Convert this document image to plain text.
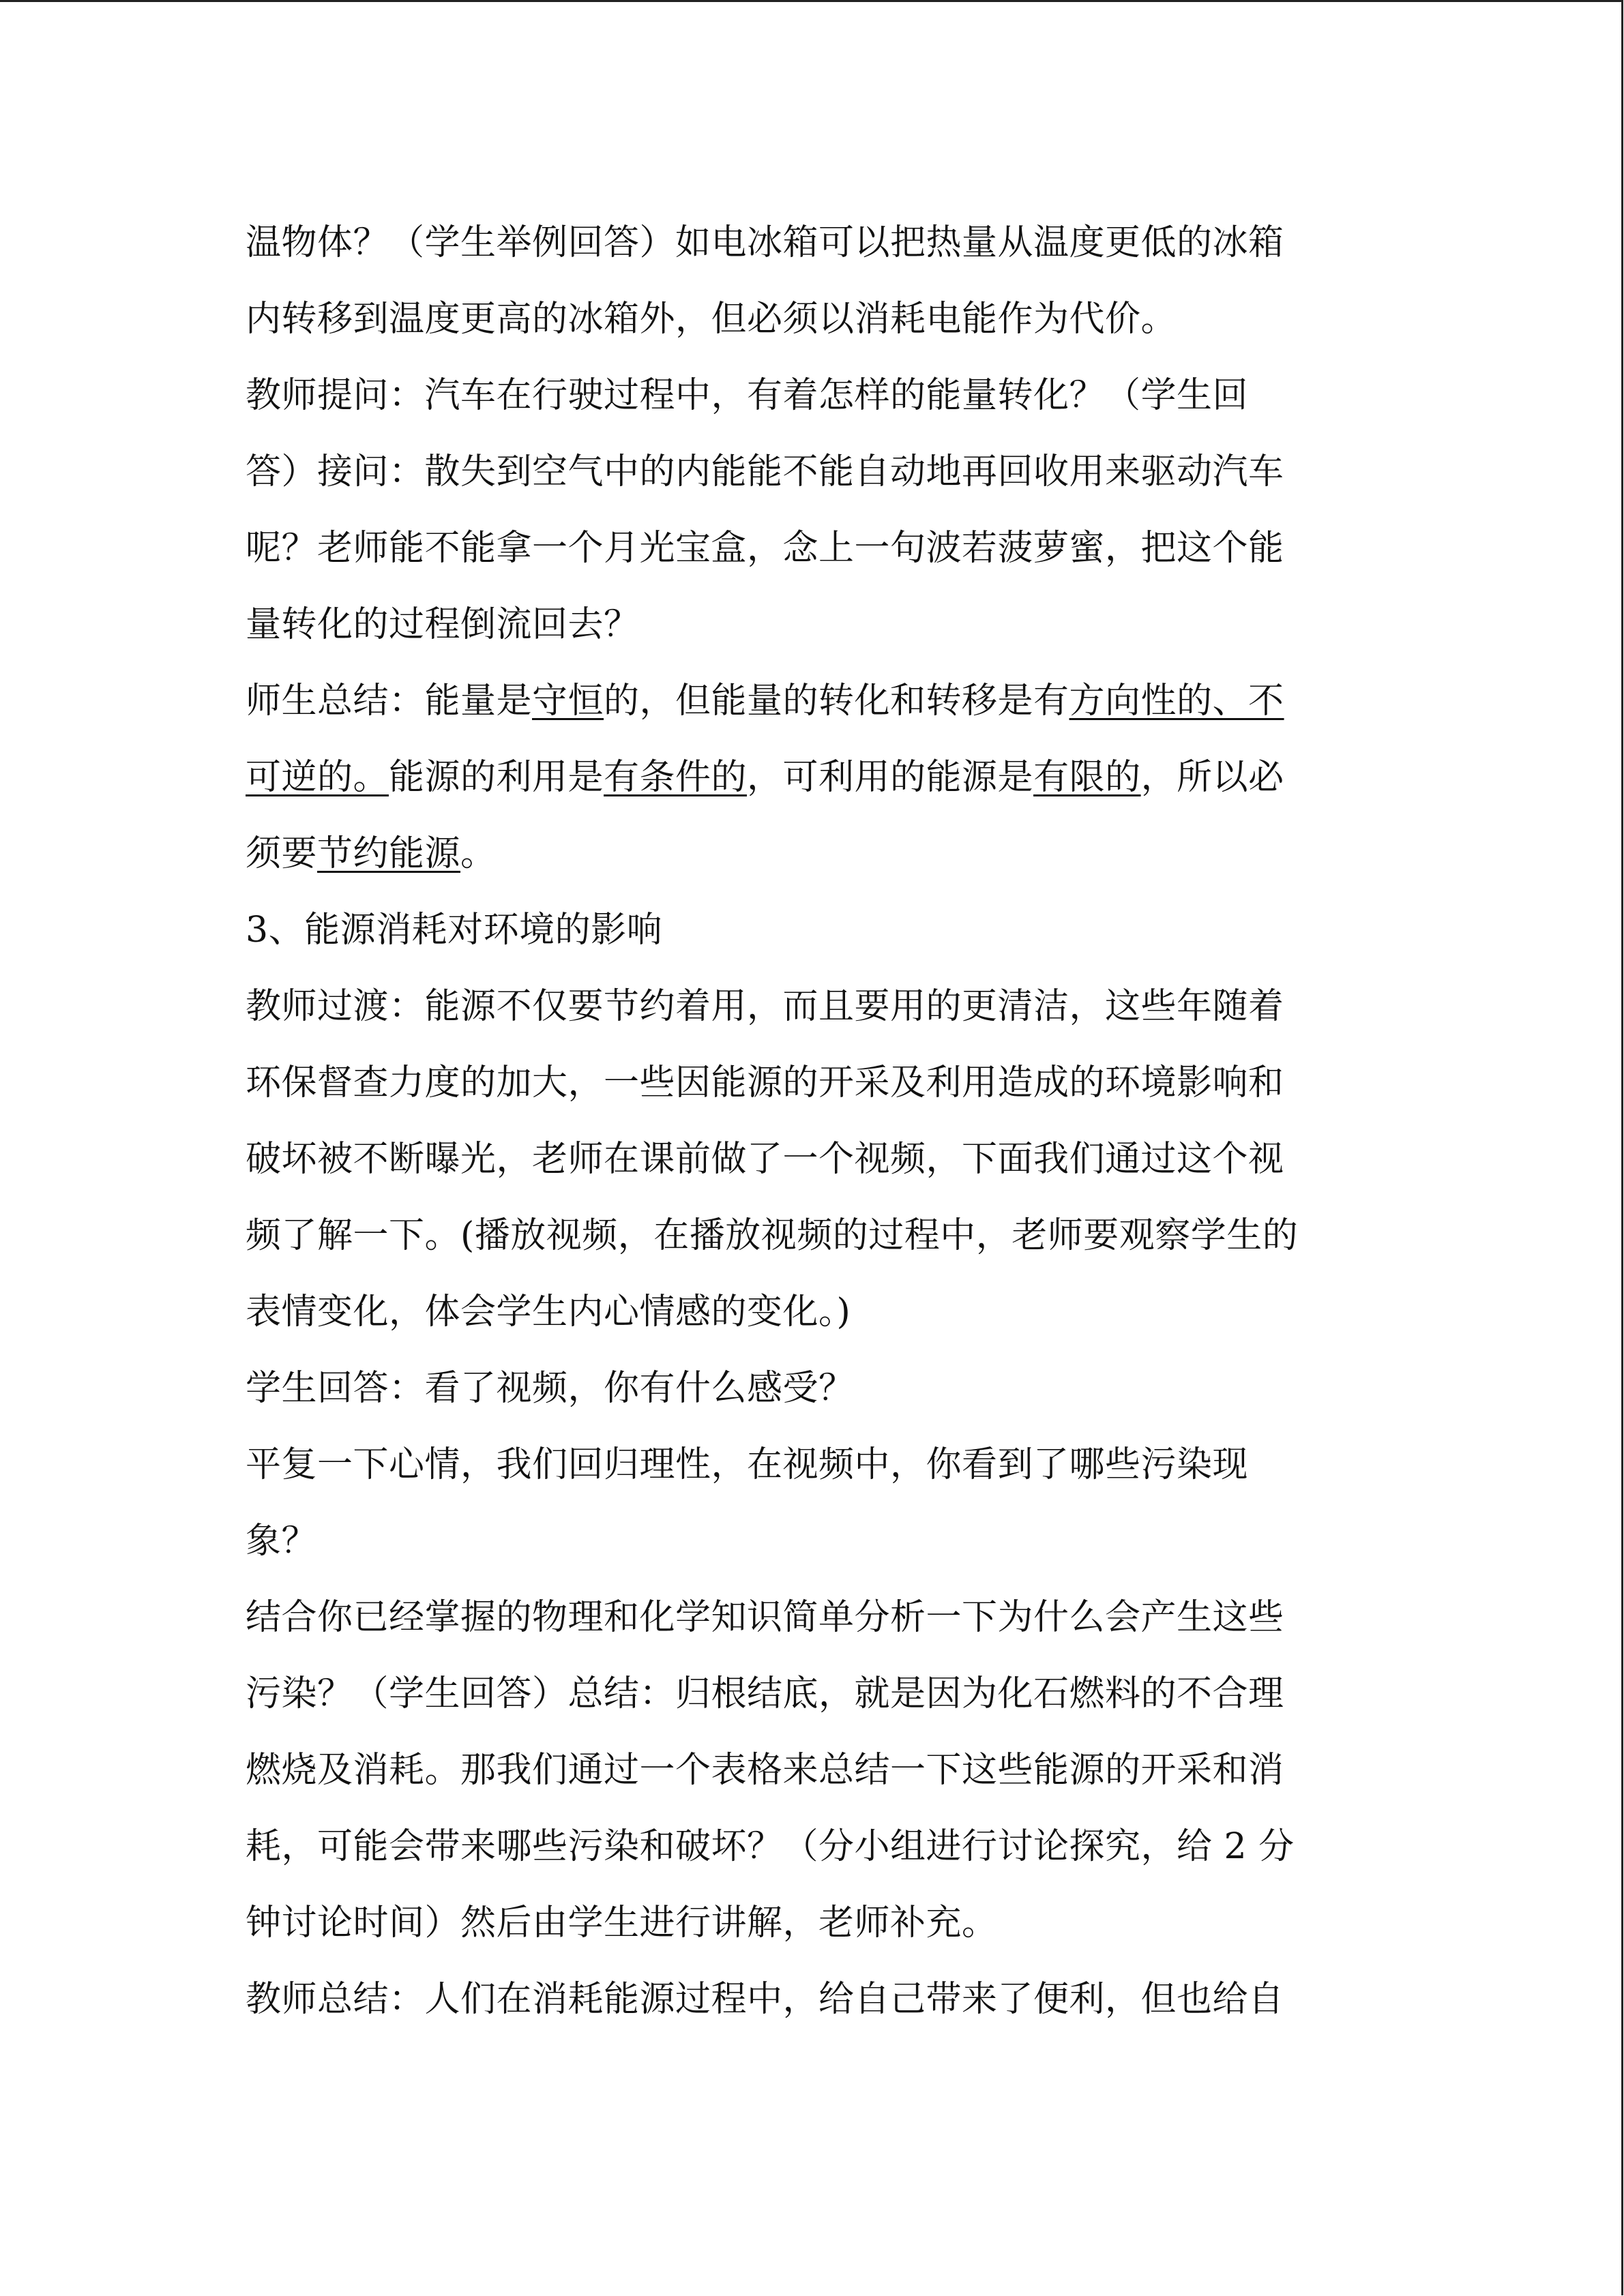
温物体？（学生举例回答）如电冰箱可以把热量从温度更低的冰箱
内转移到温度更高的冰箱外，但必须以消耗电能作为代价。
教师提问：汽车在行驶过程中，有着怎样的能量转化？（学生回
答）接问：散失到空气中的内能能不能自动地再回收用来驱动汽车
呢？老师能不能拿一个月光宝盒，念上一句波若菠萝蜜，把这个能
量转化的过程倒流回去？
师生总结：能量是守恒的，但能量的转化和转移是有方向性的、不
可逆的。能源的利用是有条件的，可利用的能源是有限的，所以必
须要节约能源。
3、能源消耗对环境的影响
教师过渡：能源不仅要节约着用，而且要用的更清洁，这些年随着
环保督查力度的加大，一些因能源的开采及利用造成的环境影响和
破坏被不断曝光，老师在课前做了一个视频，下面我们通过这个视
频了解一下。(播放视频，在播放视频的过程中，老师要观察学生的
表情变化，体会学生内心情感的变化。)
学生回答：看了视频，你有什么感受？
平复一下心情，我们回归理性，在视频中，你看到了哪些污染现
象？
结合你已经掌握的物理和化学知识简单分析一下为什么会产生这些
污染？（学生回答）总结：归根结底，就是因为化石燃料的不合理
燃烧及消耗。那我们通过一个表格来总结一下这些能源的开采和消
耗，可能会带来哪些污染和破坏？（分小组进行讨论探究，给 2 分
钟讨论时间）然后由学生进行讲解，老师补充。
教师总结：人们在消耗能源过程中，给自己带来了便利，但也给自
